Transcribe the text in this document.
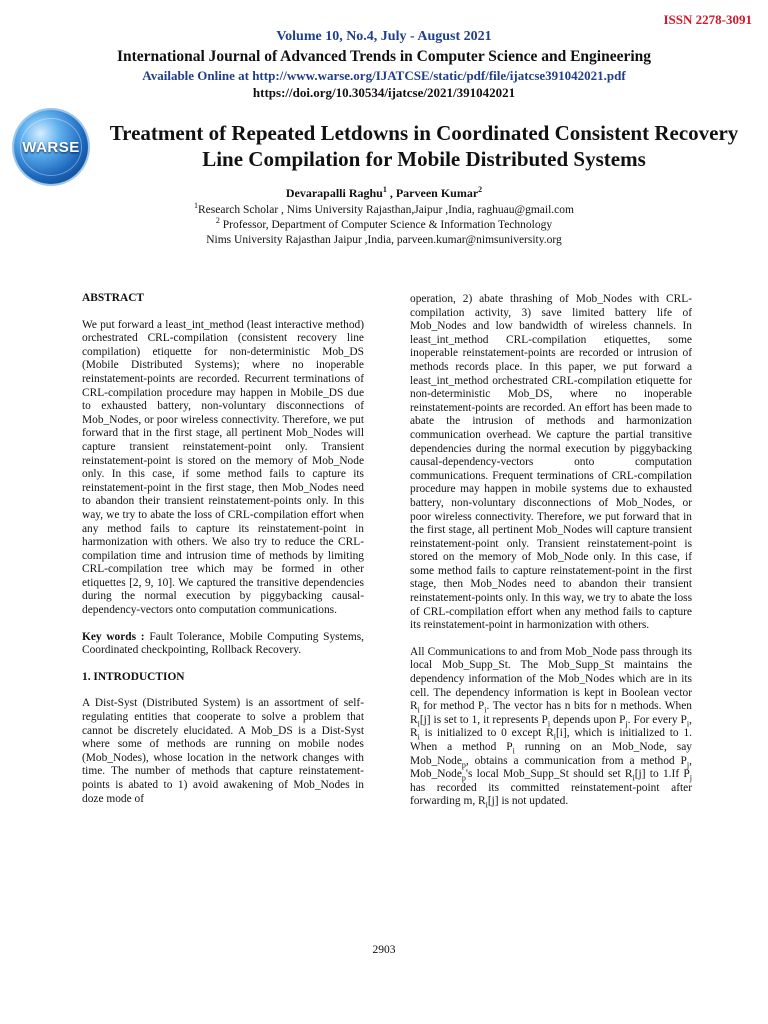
ISSN 2278-3091
Volume 10, No.4, July - August 2021
International Journal of Advanced Trends in Computer Science and Engineering
Available Online at http://www.warse.org/IJATCSE/static/pdf/file/ijatcse391042021.pdf
https://doi.org/10.30534/ijatcse/2021/391042021
WARSE
Treatment of Repeated Letdowns in Coordinated Consistent Recovery Line Compilation for Mobile Distributed Systems
Devarapalli Raghu$^1$ , Parveen Kumar$^2$
$^1$Research Scholar , Nims University Rajasthan,Jaipur ,India, raghuau@gmail.com
$^2$ Professor, Department of Computer Science & Information Technology
Nims University Rajasthan Jaipur ,India, parveen.kumar@nimsuniversity.org

ABSTRACT

We put forward a least_int_method (least interactive method) orchestrated CRL-compilation (consistent recovery line compilation) etiquette for non-deterministic Mob_DS (Mobile Distributed Systems); where no inoperable reinstatement-points are recorded. Recurrent terminations of CRL-compilation procedure may happen in Mobile_DS due to exhausted battery, non-voluntary disconnections of Mob_Nodes, or poor wireless connectivity. Therefore, we put forward that in the first stage, all pertinent Mob_Nodes will capture transient reinstatement-point only. Transient reinstatement-point is stored on the memory of Mob_Node only. In this case, if some method fails to capture its reinstatement-point in the first stage, then Mob_Nodes need to abandon their transient reinstatement-points only. In this way, we try to abate the loss of CRL-compilation effort when any method fails to capture its reinstatement-point in harmonization with others. We also try to reduce the CRL-compilation time and intrusion time of methods by limiting CRL-compilation tree which may be formed in other etiquettes [2, 9, 10]. We captured the transitive dependencies during the normal execution by piggybacking causal-dependency-vectors onto computation communications.

Key words : Fault Tolerance, Mobile Computing Systems, Coordinated checkpointing, Rollback Recovery.

1. INTRODUCTION

A Dist-Syst (Distributed System) is an assortment of self-regulating entities that cooperate to solve a problem that cannot be discretely elucidated. A Mob_DS is a Dist-Syst where some of methods are running on mobile nodes (Mob_Nodes), whose location in the network changes with time. The number of methods that capture reinstatement-points is abated to 1) avoid awakening of Mob_Nodes in doze mode of

operation, 2) abate thrashing of Mob_Nodes with CRL-compilation activity, 3) save limited battery life of Mob_Nodes and low bandwidth of wireless channels. In least_int_method CRL-compilation etiquettes, some inoperable reinstatement-points are recorded or intrusion of methods records place. In this paper, we put forward a least_int_method orchestrated CRL-compilation etiquette for non-deterministic Mob_DS, where no inoperable reinstatement-points are recorded. An effort has been made to abate the intrusion of methods and harmonization communication overhead. We capture the partial transitive dependencies during the normal execution by piggybacking causal-dependency-vectors onto computation communications. Frequent terminations of CRL-compilation procedure may happen in mobile systems due to exhausted battery, non-voluntary disconnections of Mob_Nodes, or poor wireless connectivity. Therefore, we put forward that in the first stage, all pertinent Mob_Nodes will capture transient reinstatement-point only. Transient reinstatement-point is stored on the memory of Mob_Node only. In this case, if some method fails to capture reinstatement-point in the first stage, then Mob_Nodes need to abandon their transient reinstatement-points only. In this way, we try to abate the loss of CRL-compilation effort when any method fails to capture its reinstatement-point in harmonization with others.

All Communications to and from Mob_Node pass through its local Mob_Supp_St. The Mob_Supp_St maintains the dependency information of the Mob_Nodes which are in its cell. The dependency information is kept in Boolean vector $R_i$ for method $P_i$. The vector has n bits for n methods. When $R_i[j]$ is set to 1, it represents $P_i$ depends upon $P_j$. For every $P_i$, $R_i$ is initialized to 0 except $R_i[i]$, which is initialized to 1. When a method $P_i$ running on an Mob_Node, say Mob_Node$_p$, obtains a communication from a method $P_j$, Mob_Node$_p$'s local Mob_Supp_St should set $R_i[j]$ to 1.If $P_j$ has recorded its committed reinstatement-point after forwarding m, $R_i[j]$ is not updated.

2903
